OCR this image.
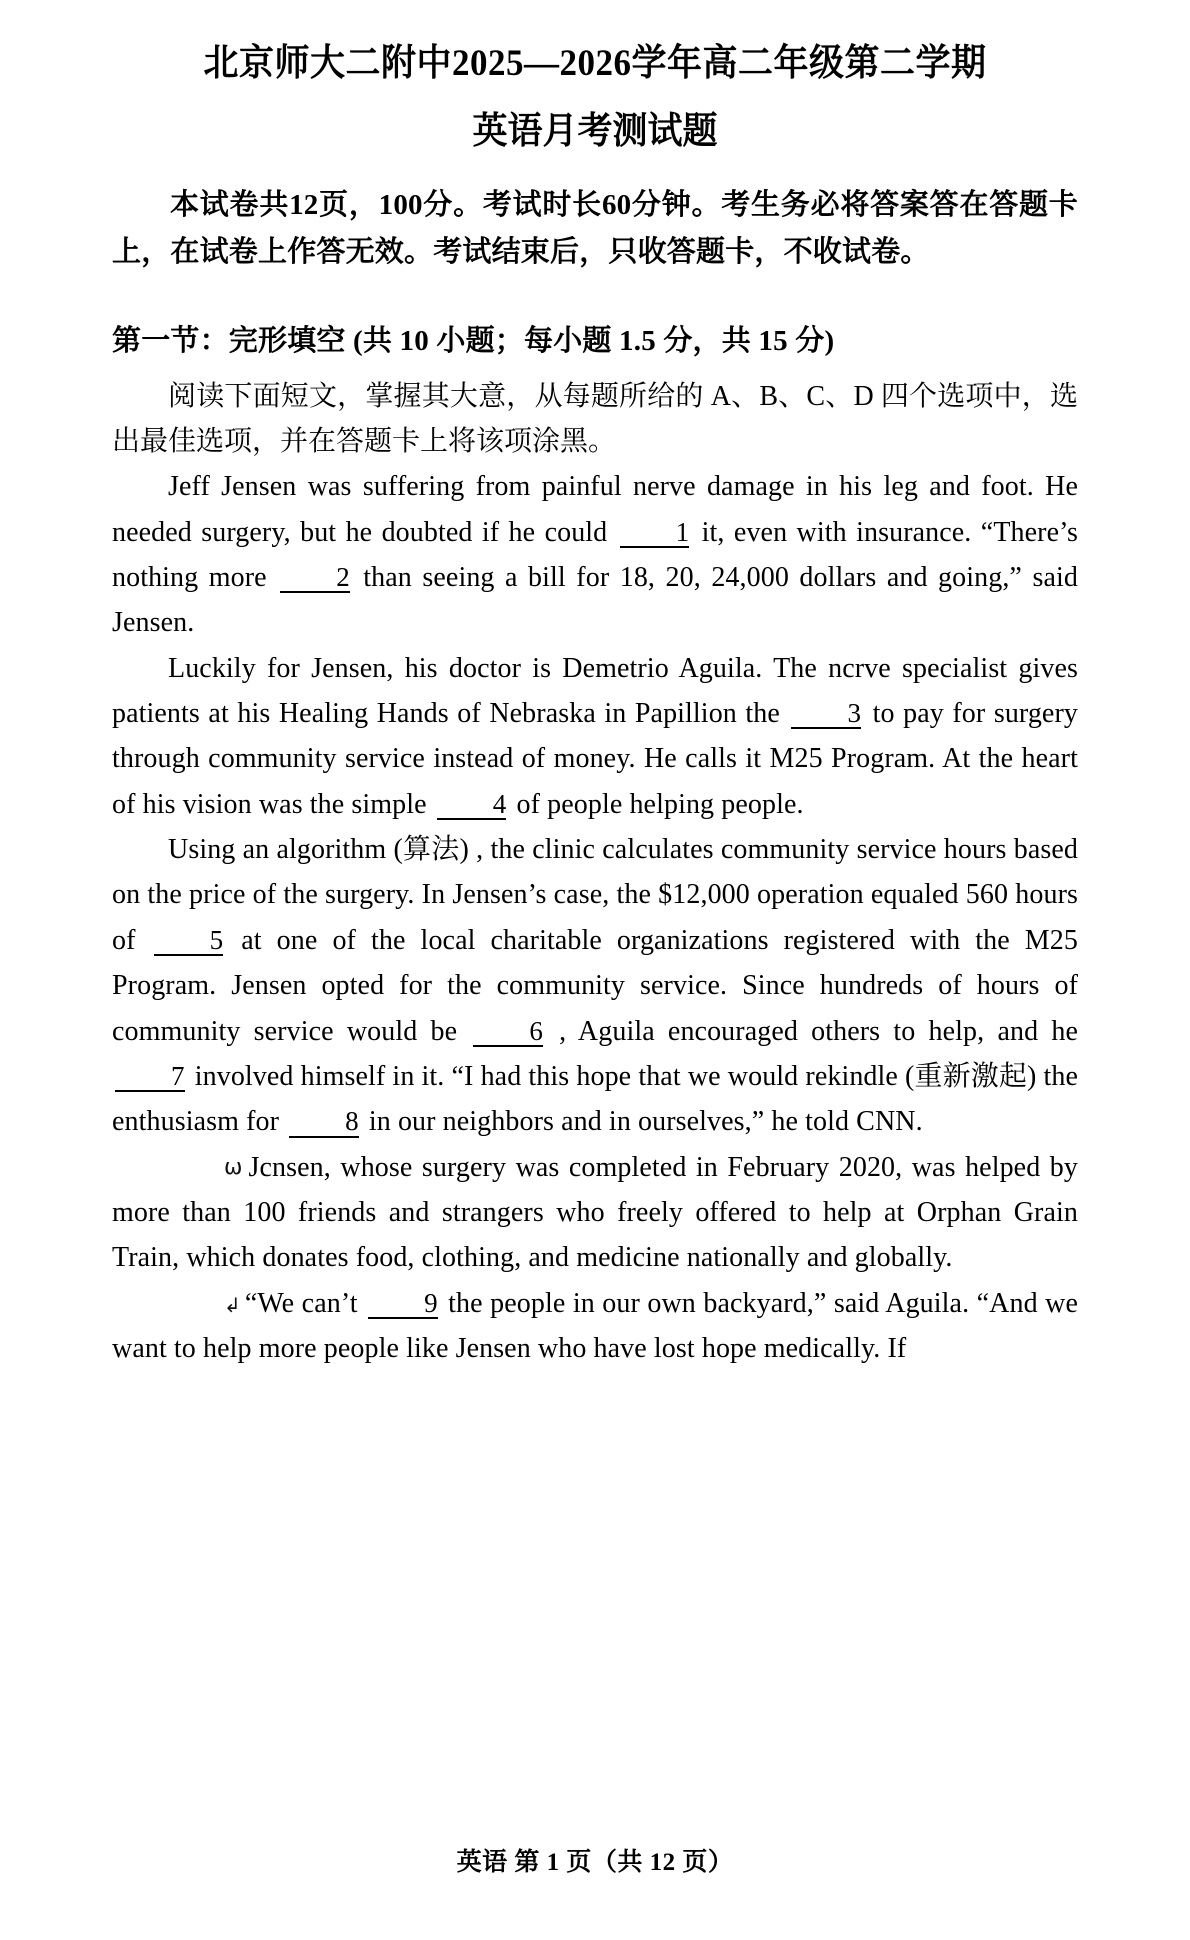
北京师大二附中2025—2026学年高二年级第二学期
英语月考测试题
本试卷共12页，100分。考试时长60分钟。考生务必将答案答在答题卡上，在试卷上作答无效。考试结束后，只收答题卡，不收试卷。
第一节：完形填空 (共 10 小题；每小题 1.5 分，共 15 分)
阅读下面短文，掌握其大意，从每题所给的 A、B、C、D 四个选项中，选出最佳选项，并在答题卡上将该项涂黑。

Jeff Jensen was suffering from painful nerve damage in his leg and foot. He needed surgery, but he doubted if he could	1 it, even with insurance. “There’s nothing more	2 than seeing a bill for 18, 20, 24,000 dollars and going,” said Jensen.

Luckily for Jensen, his doctor is Demetrio Aguila. The ncrve specialist gives patients at his Healing Hands of Nebraska in Papillion the	3 to pay for surgery through community service instead of money. He calls it M25 Program. At the heart of his vision was the simple 4 of people helping people.

Using an algorithm (算法) , the clinic calculates community service hours based on the price of the surgery. In Jensen’s case, the $12,000 operation equaled 560 hours of	5 at one of the local charitable organizations registered with the M25 Program. Jensen opted for the community service. Since hundreds of hours of community service would be	6 , Aguila encouraged others to help, and he 7 involved himself in it. “I had this hope that we would rekindle (重新激起) the enthusiasm for 8 in our neighbors and in ourselves,” he told CNN.

ω Jcnsen, whose surgery was completed in February 2020, was helped by more than 100 friends and strangers who freely offered to help at Orphan Grain Train, which donates food, clothing, and medicine nationally and globally.

↲ “We can’t 9 the people in our own backyard,” said Aguila. “And we want to help more people like Jensen who have lost hope medically. If

英语 第 1 页（共 12 页）
